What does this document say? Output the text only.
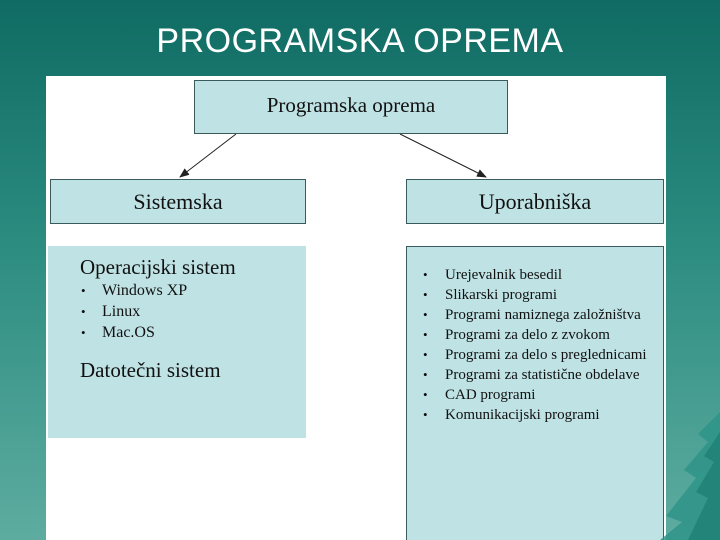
PROGRAMSKA OPREMA
Programska oprema
Sistemska	Uporabniška
Operacijski sistem
• Windows XP
• Linux
• Mac.OS
Datotečni sistem
• Urejevalnik besedil
• Slikarski programi
• Programi namiznega založništva
• Programi za delo z zvokom
• Programi za delo s preglednicami
• Programi za statistične obdelave
• CAD programi
• Komunikacijski programi
